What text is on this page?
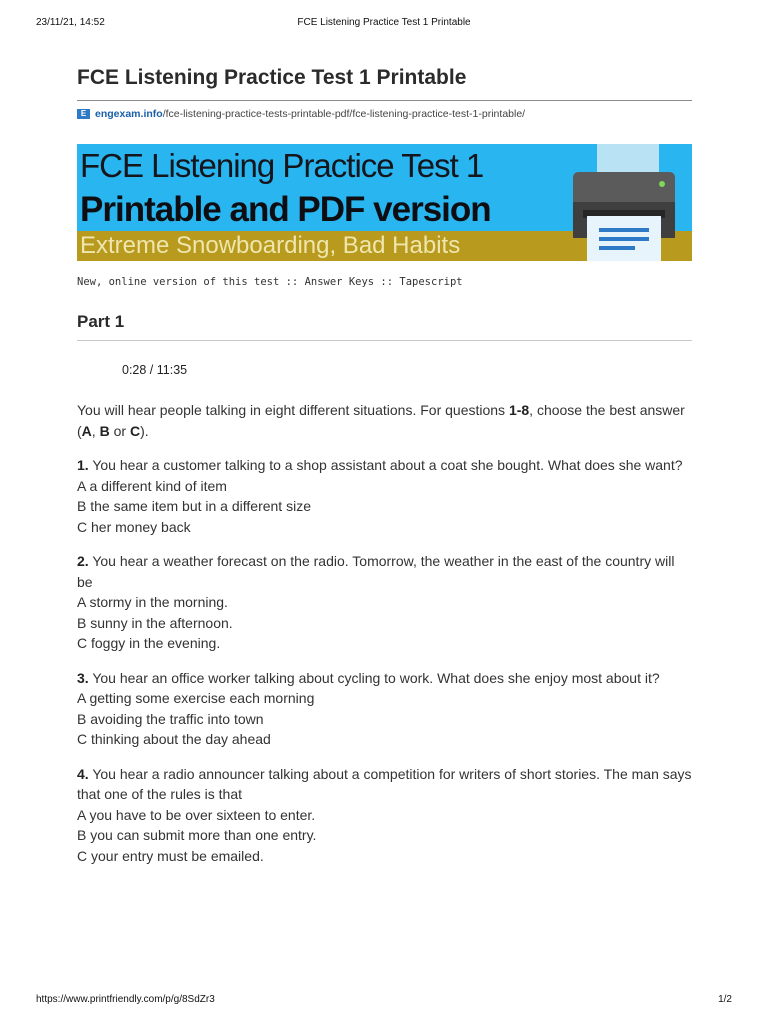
23/11/21, 14:52	FCE Listening Practice Test 1 Printable
FCE Listening Practice Test 1 Printable
E engexam.info /fce-listening-practice-tests-printable-pdf/fce-listening-practice-test-1-printable/
FCE Listening Practice Test 1
Printable and PDF version
Extreme Snowboarding, Bad Habits
New, online version of this test :: Answer Keys :: Tapescript
Part 1
0:28 / 11:35

You will hear people talking in eight different situations. For questions 1-8, choose the best answer (A, B or C).

1. You hear a customer talking to a shop assistant about a coat she bought. What does she want?

A a different kind of item

B the same item but in a different size

C her money back

2. You hear a weather forecast on the radio. Tomorrow, the weather in the east of the country will be

A stormy in the morning.

B sunny in the afternoon.

C foggy in the evening.

3. You hear an office worker talking about cycling to work. What does she enjoy most about it?

A getting some exercise each morning

B avoiding the traffic into town

C thinking about the day ahead

4. You hear a radio announcer talking about a competition for writers of short stories. The man says that one of the rules is that

A you have to be over sixteen to enter.

B you can submit more than one entry.

C your entry must be emailed.

https://www.printfriendly.com/p/g/8SdZr3	1/2
